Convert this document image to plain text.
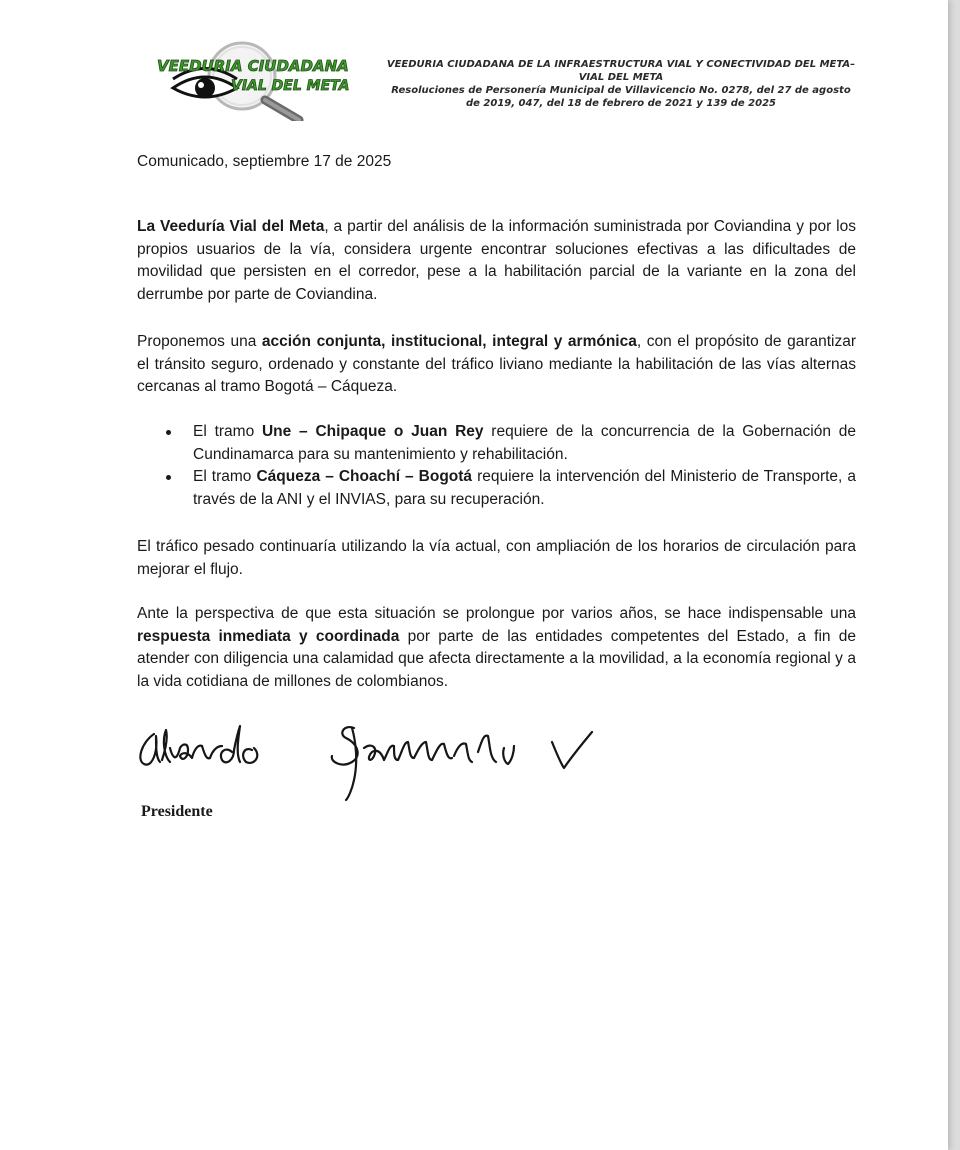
VEEDURIA CIUDADANA
VIAL DEL META
VEEDURIA CIUDADANA DE LA INFRAESTRUCTURA VIAL Y CONECTIVIDAD DEL META– VIAL DEL META
Resoluciones de Personería Municipal de Villavicencio No. 0278, del 27 de agosto de 2019, 047, del 18 de febrero de 2021 y 139 de 2025
Comunicado, septiembre 17 de 2025

La Veeduría Vial del Meta, a partir del análisis de la información suministrada por Coviandina y por los propios usuarios de la vía, considera urgente encontrar soluciones efectivas a las dificultades de movilidad que persisten en el corredor, pese a la habilitación parcial de la variante en la zona del derrumbe por parte de Coviandina.

Proponemos una acción conjunta, institucional, integral y armónica, con el propósito de garantizar el tránsito seguro, ordenado y constante del tráfico liviano mediante la habilitación de las vías alternas cercanas al tramo Bogotá – Cáqueza.

El tramo Une – Chipaque o Juan Rey requiere de la concurrencia de la Gobernación de Cundinamarca para su mantenimiento y rehabilitación.
El tramo Cáqueza – Choachí – Bogotá requiere la intervención del Ministerio de Transporte, a través de la ANI y el INVIAS, para su recuperación.

El tráfico pesado continuaría utilizando la vía actual, con ampliación de los horarios de circulación para mejorar el flujo.

Ante la perspectiva de que esta situación se prolongue por varios años, se hace indispensable una respuesta inmediata y coordinada por parte de las entidades competentes del Estado, a fin de atender con diligencia una calamidad que afecta directamente a la movilidad, a la economía regional y a la vida cotidiana de millones de colombianos.

Presidente
